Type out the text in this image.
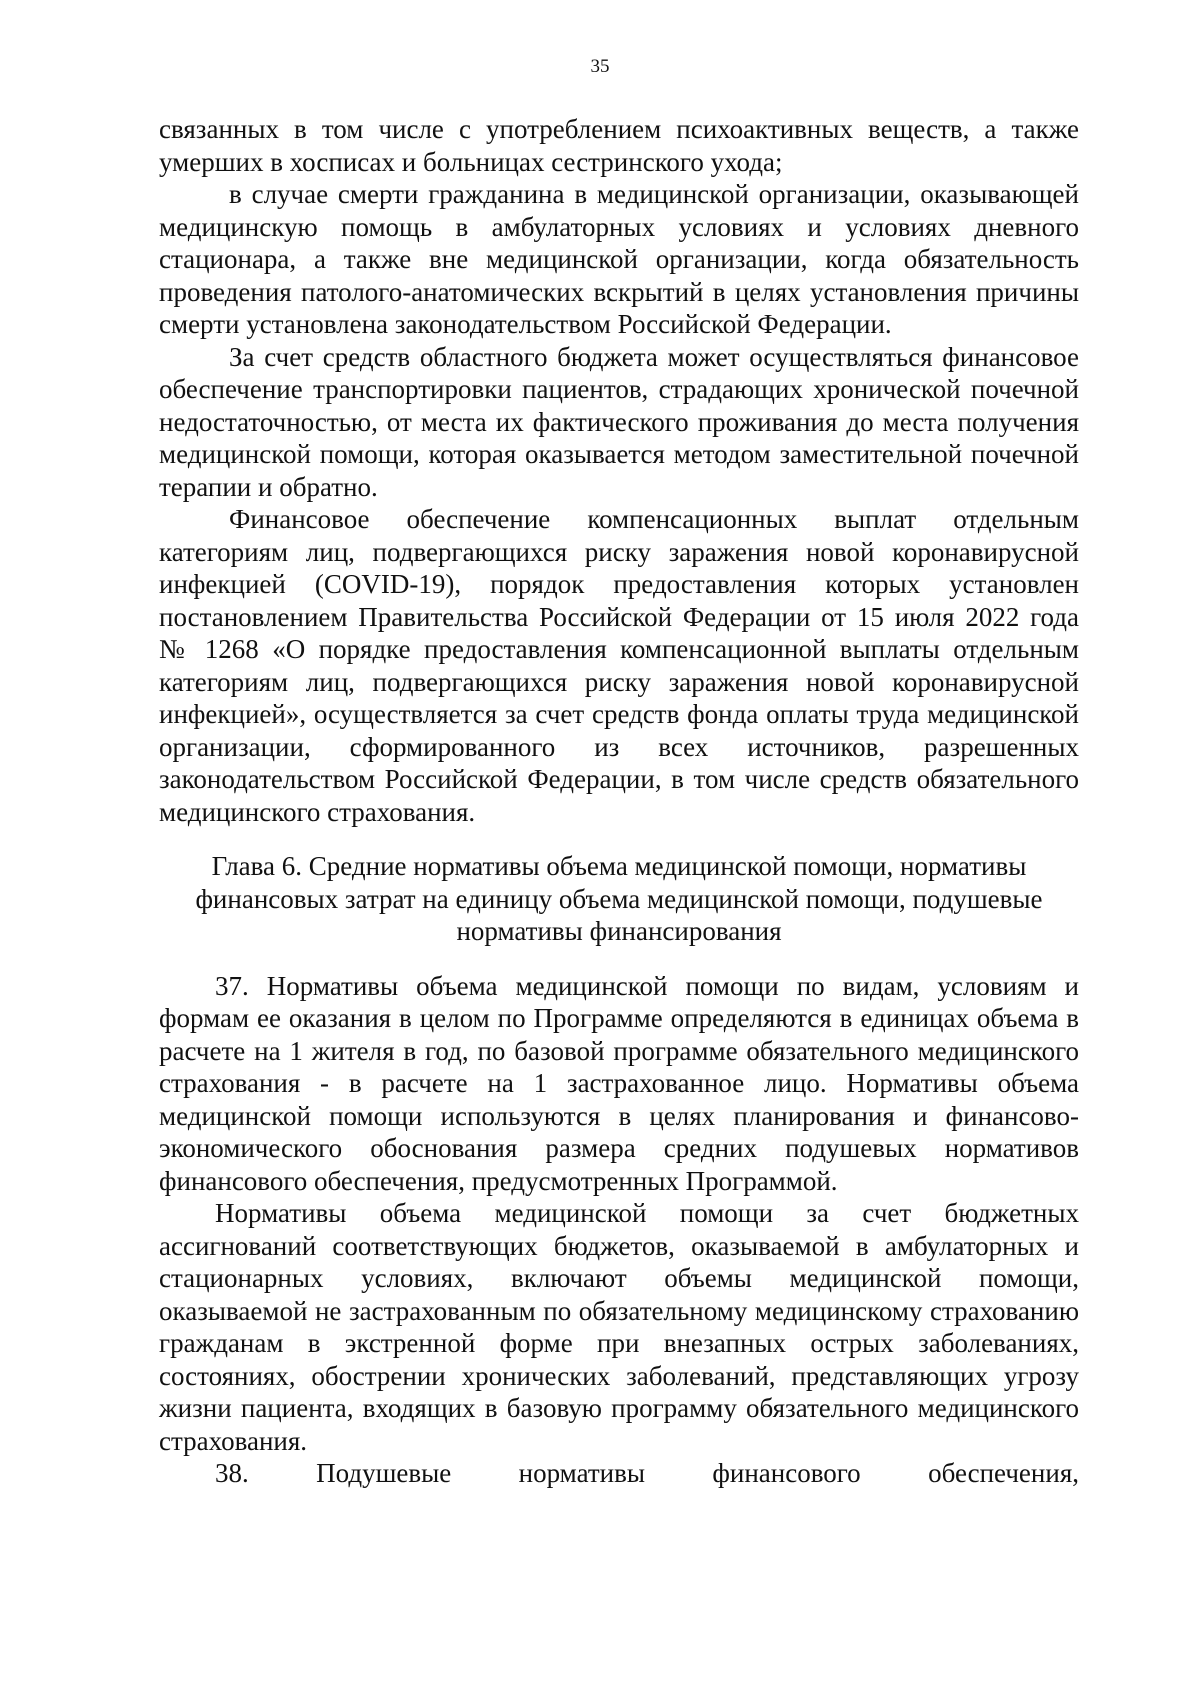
35

связанных в том числе с употреблением психоактивных веществ, а также умерших в хосписах и больницах сестринского ухода;

в случае смерти гражданина в медицинской организации, оказывающей медицинскую помощь в амбулаторных условиях и условиях дневного стационара, а также вне медицинской организации, когда обязательность проведения патолого-анатомических вскрытий в целях установления причины смерти установлена законодательством Российской Федерации.

За счет средств областного бюджета может осуществляться финансовое обеспечение транспортировки пациентов, страдающих хронической почечной недостаточностью, от места их фактического проживания до места получения медицинской помощи, которая оказывается методом заместительной почечной терапии и обратно.

Финансовое обеспечение компенсационных выплат отдельным категориям лиц, подвергающихся риску заражения новой коронавирусной инфекцией (COVID-19), порядок предоставления которых установлен постановлением Правительства Российской Федерации от 15 июля 2022 года № 1268 «О порядке предоставления компенсационной выплаты отдельным категориям лиц, подвергающихся риску заражения новой коронавирусной инфекцией», осуществляется за счет средств фонда оплаты труда медицинской организации, сформированного из всех источников, разрешенных законодательством Российской Федерации, в том числе средств обязательного медицинского страхования.

Глава 6. Средние нормативы объема медицинской помощи, нормативы финансовых затрат на единицу объема медицинской помощи, подушевые нормативы финансирования

37. Нормативы объема медицинской помощи по видам, условиям и формам ее оказания в целом по Программе определяются в единицах объема в расчете на 1 жителя в год, по базовой программе обязательного медицинского страхования - в расчете на 1 застрахованное лицо. Нормативы объема медицинской помощи используются в целях планирования и финансово-экономического обоснования размера средних подушевых нормативов финансового обеспечения, предусмотренных Программой.

Нормативы объема медицинской помощи за счет бюджетных ассигнований соответствующих бюджетов, оказываемой в амбулаторных и стационарных условиях, включают объемы медицинской помощи, оказываемой не застрахованным по обязательному медицинскому страхованию гражданам в экстренной форме при внезапных острых заболеваниях, состояниях, обострении хронических заболеваний, представляющих угрозу жизни пациента, входящих в базовую программу обязательного медицинского страхования.

38. Подушевые нормативы финансового обеспечения,
